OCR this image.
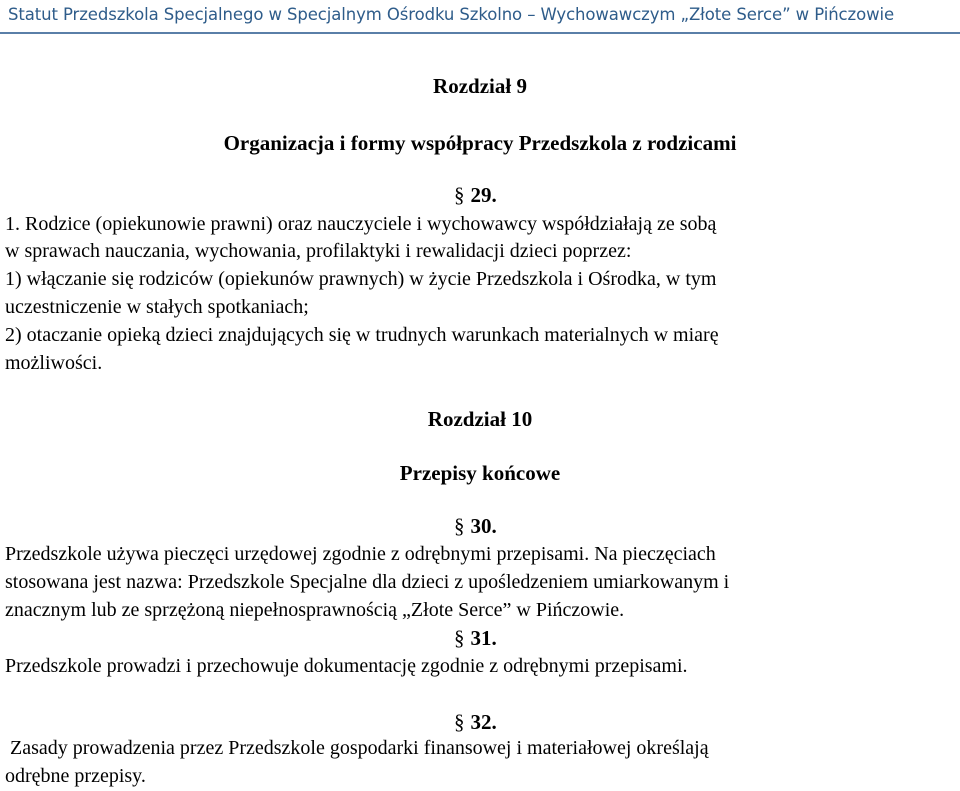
Statut Przedszkola Specjalnego w Specjalnym Ośrodku Szkolno – Wychowawczym „Złote Serce” w Pińczowie
Rozdział 9
Organizacja i formy współpracy Przedszkola z rodzicami
§ 29.
1. Rodzice (opiekunowie prawni) oraz nauczyciele i wychowawcy współdziałają ze sobą
w sprawach nauczania, wychowania, profilaktyki i rewalidacji dzieci poprzez:
1) włączanie się rodziców (opiekunów prawnych) w życie Przedszkola i Ośrodka, w tym
uczestniczenie w stałych spotkaniach;
2) otaczanie opieką dzieci znajdujących się w trudnych warunkach materialnych w miarę
możliwości.
Rozdział 10
Przepisy końcowe
§ 30.
Przedszkole używa pieczęci urzędowej zgodnie z odrębnymi przepisami. Na pieczęciach
stosowana jest nazwa: Przedszkole Specjalne dla dzieci z upośledzeniem umiarkowanym i
znacznym lub ze sprzężoną niepełnosprawnością „Złote Serce” w Pińczowie.
§ 31.
Przedszkole prowadzi i przechowuje dokumentację zgodnie z odrębnymi przepisami.
§ 32.
Zasady prowadzenia przez Przedszkole gospodarki finansowej i materiałowej określają
odrębne przepisy.
